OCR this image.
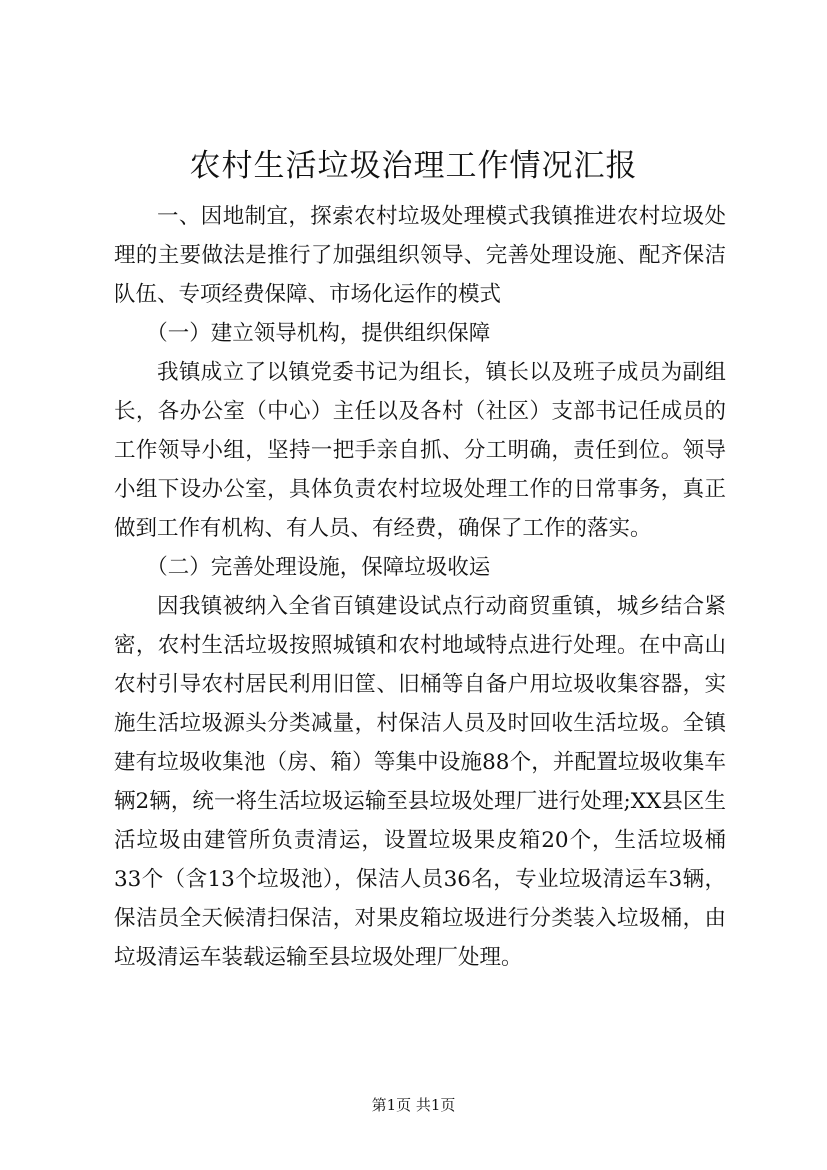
农村生活垃圾治理工作情况汇报

一、因地制宜，探索农村垃圾处理模式我镇推进农村垃圾处理的主要做法是推行了加强组织领导、完善处理设施、配齐保洁队伍、专项经费保障、市场化运作的模式

（一）建立领导机构，提供组织保障

我镇成立了以镇党委书记为组长，镇长以及班子成员为副组长，各办公室（中心）主任以及各村（社区）支部书记任成员的工作领导小组，坚持一把手亲自抓、分工明确，责任到位。领导小组下设办公室，具体负责农村垃圾处理工作的日常事务，真正做到工作有机构、有人员、有经费，确保了工作的落实。

（二）完善处理设施，保障垃圾收运

因我镇被纳入全省百镇建设试点行动商贸重镇，城乡结合紧密，农村生活垃圾按照城镇和农村地域特点进行处理。在中高山农村引导农村居民利用旧筐、旧桶等自备户用垃圾收集容器，实施生活垃圾源头分类减量，村保洁人员及时回收生活垃圾。全镇建有垃圾收集池（房、箱）等集中设施88个，并配置垃圾收集车辆2辆，统一将生活垃圾运输至县垃圾处理厂进行处理;XX县区生活垃圾由建管所负责清运，设置垃圾果皮箱20个，生活垃圾桶33个（含13个垃圾池），保洁人员36名，专业垃圾清运车3辆，保洁员全天候清扫保洁，对果皮箱垃圾进行分类装入垃圾桶，由垃圾清运车装载运输至县垃圾处理厂处理。

第1页 共1页
